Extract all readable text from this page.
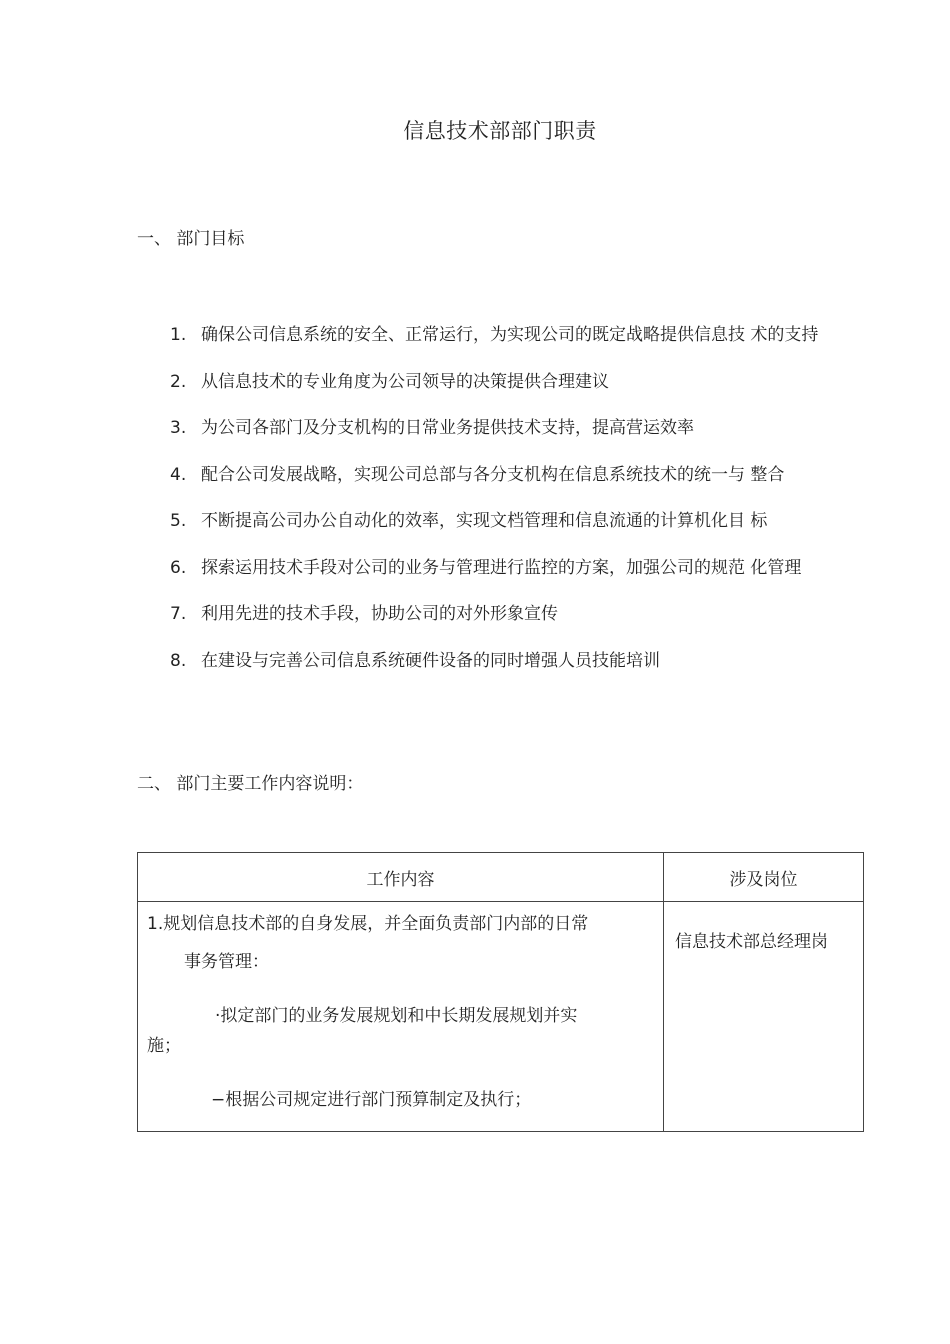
信息技术部部门职责
一、 部门目标
1. 确保公司信息系统的安全、正常运行，为实现公司的既定战略提供信息技 术的支持
2. 从信息技术的专业角度为公司领导的决策提供合理建议
3. 为公司各部门及分支机构的日常业务提供技术支持，提高营运效率
4. 配合公司发展战略，实现公司总部与各分支机构在信息系统技术的统一与 整合
5. 不断提高公司办公自动化的效率，实现文档管理和信息流通的计算机化目 标
6. 探索运用技术手段对公司的业务与管理进行监控的方案，加强公司的规范 化管理
7. 利用先进的技术手段，协助公司的对外形象宣传
8. 在建设与完善公司信息系统硬件设备的同时增强人员技能培训
二、 部门主要工作内容说明：
工作内容	涉及岗位

1.规划信息技术部的自身发展，并全面负责部门内部的日常
事务管理：
·拟定部门的业务发展规划和中长期发展规划并实
施；
−根据公司规定进行部门预算制定及执行；	信息技术部总经理岗
